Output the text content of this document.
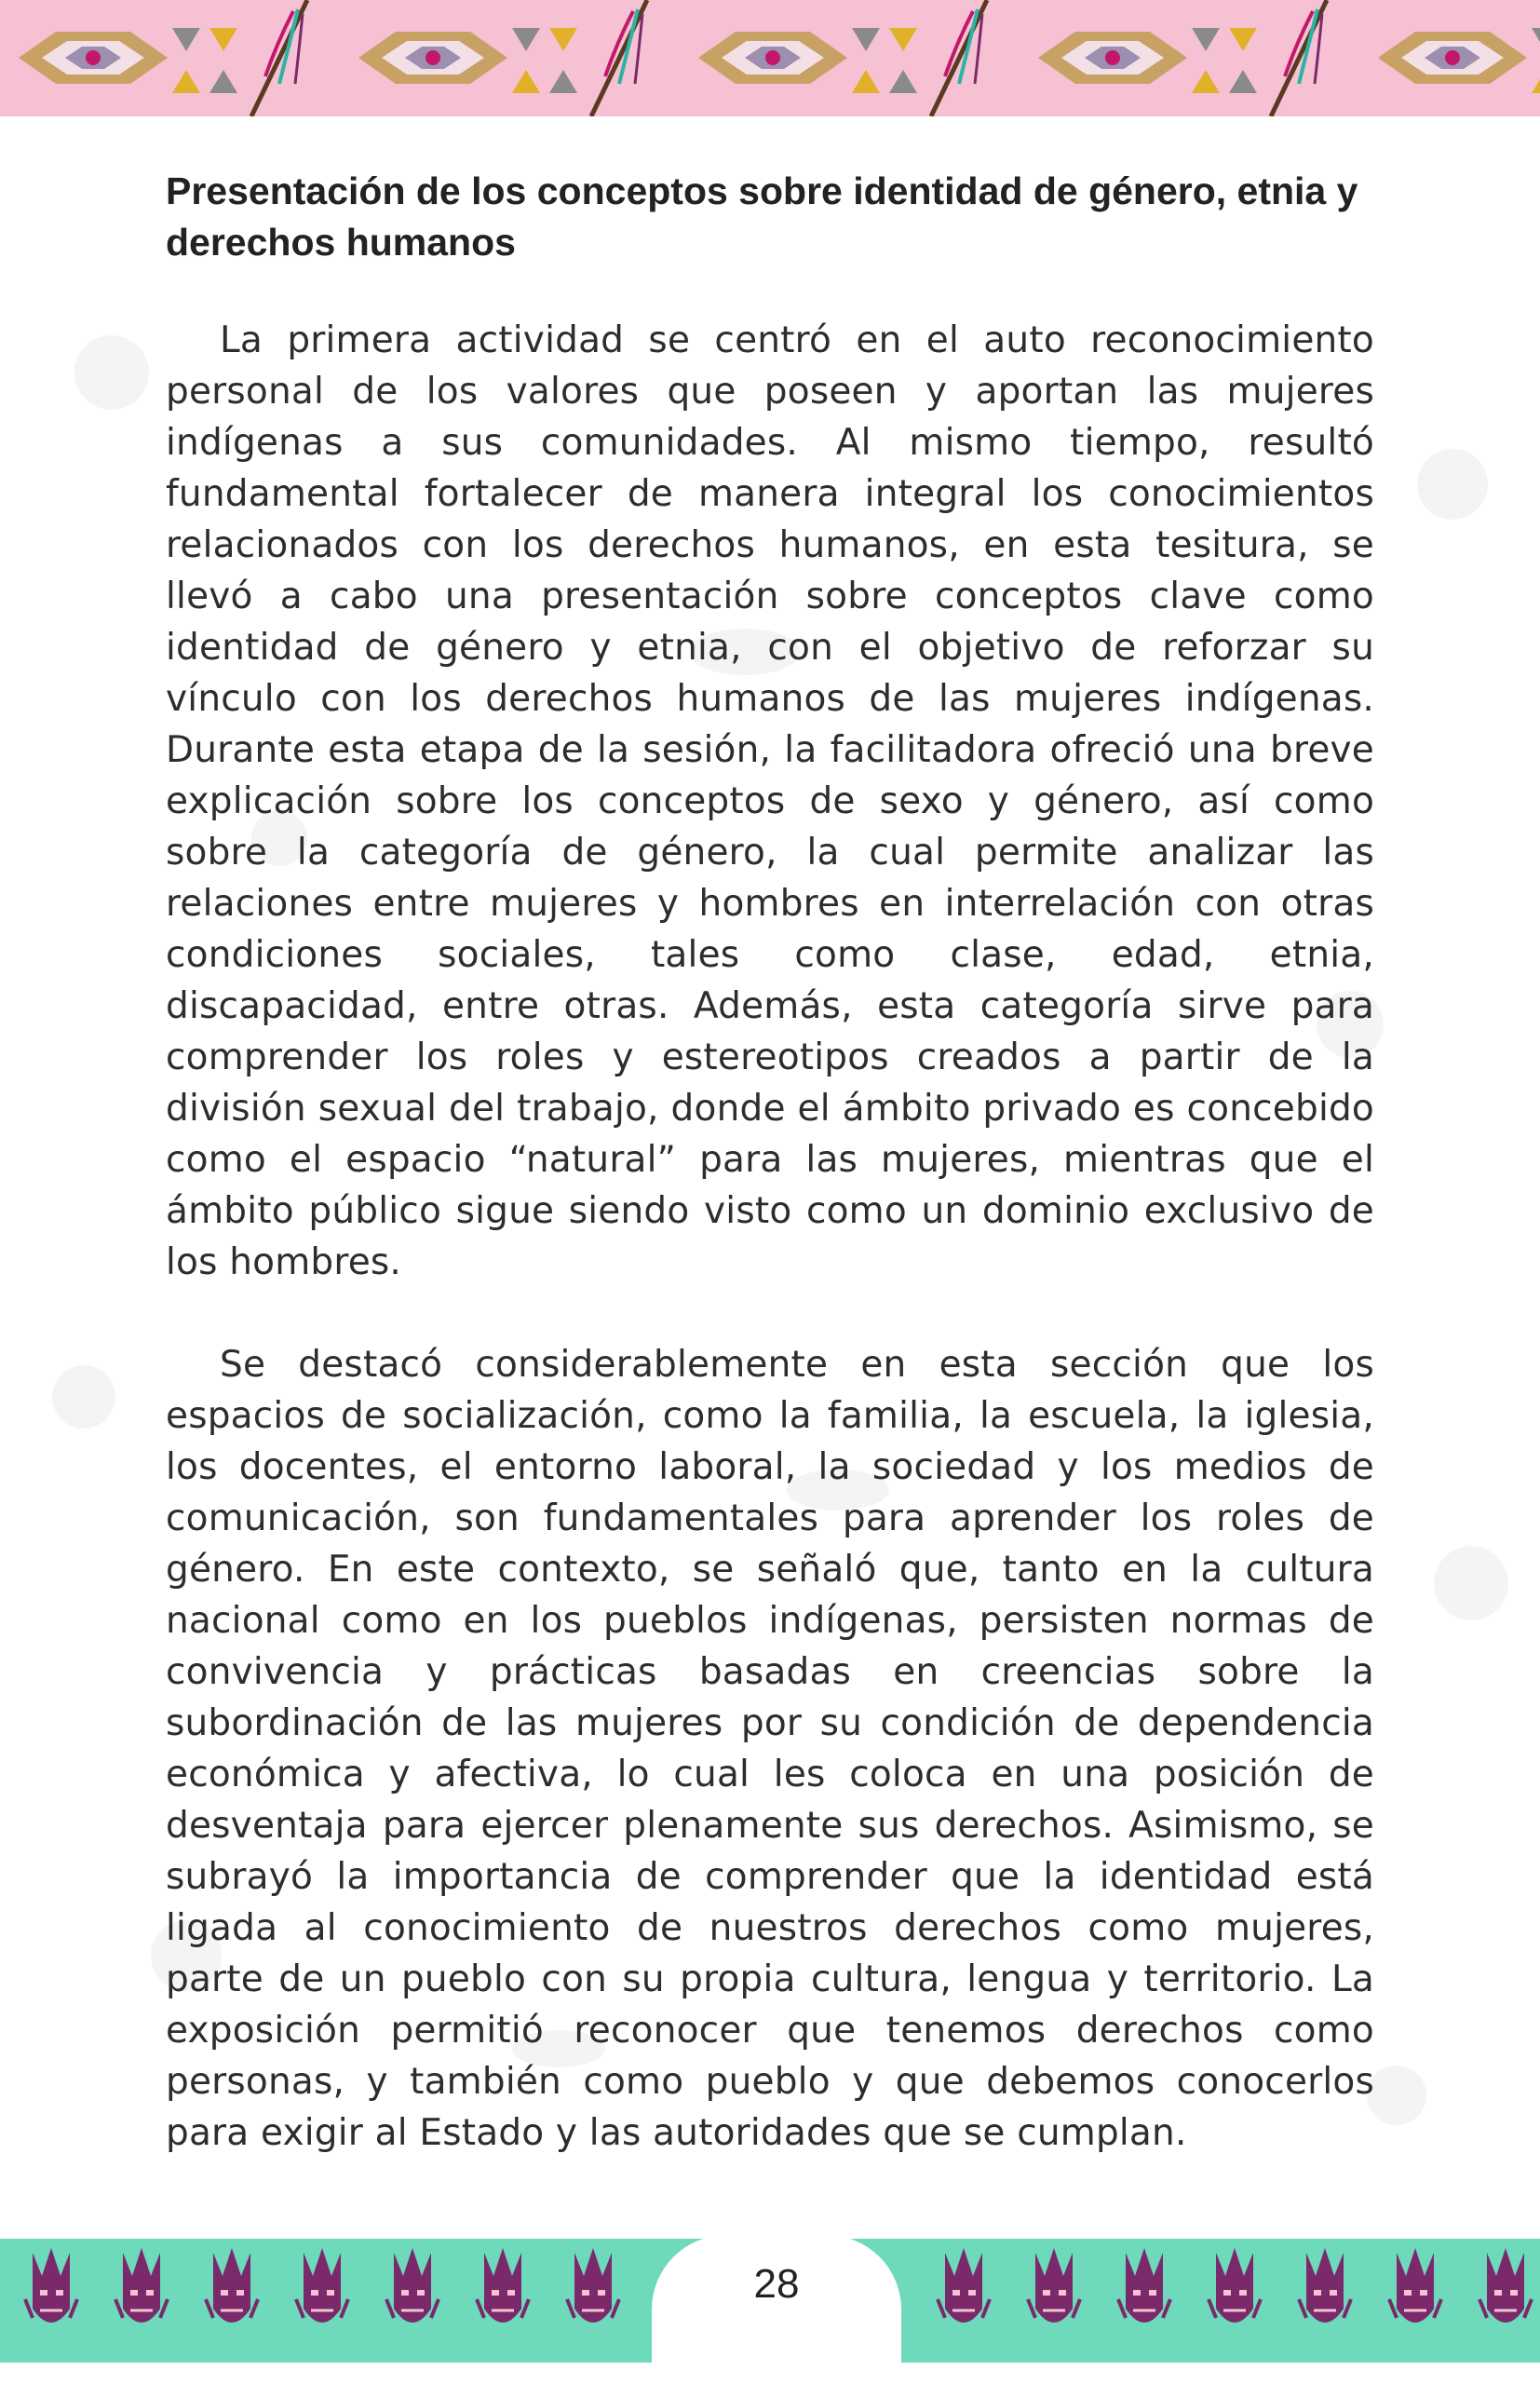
Presentación de los conceptos sobre identidad de género, etnia y derechos humanos

La primera actividad se centró en el auto reconocimiento personal de los valores que poseen y aportan las mujeres indígenas a sus comunidades. Al mismo tiempo, resultó fundamental fortalecer de manera integral los conocimientos relacionados con los derechos humanos, en esta tesitura, se llevó a cabo una presentación sobre conceptos clave como identidad de género y etnia, con el objetivo de reforzar su vínculo con los derechos humanos de las mujeres indígenas. Durante esta etapa de la sesión, la facilitadora ofreció una breve explicación sobre los conceptos de sexo y género, así como sobre la categoría de género, la cual permite analizar las relaciones entre mujeres y hombres en interrelación con otras condiciones sociales, tales como clase, edad, etnia, discapacidad, entre otras. Además, esta categoría sirve para comprender los roles y estereotipos creados a partir de la división sexual del trabajo, donde el ámbito privado es concebido como el espacio “natural” para las mujeres, mientras que el ámbito público sigue siendo visto como un dominio exclusivo de los hombres.

Se destacó considerablemente en esta sección que los espacios de socialización, como la familia, la escuela, la iglesia, los docentes, el entorno laboral, la sociedad y los medios de comunicación, son fundamentales para aprender los roles de género. En este contexto, se señaló que, tanto en la cultura nacional como en los pueblos indígenas, persisten normas de convivencia y prácticas basadas en creencias sobre la subordinación de las mujeres por su condición de dependencia económica y afectiva, lo cual les coloca en una posición de desventaja para ejercer plenamente sus derechos. Asimismo, se subrayó la importancia de comprender que la identidad está ligada al conocimiento de nuestros derechos como mujeres, parte de un pueblo con su propia cultura, lengua y territorio. La exposición permitió reconocer que tenemos derechos como personas, y también como pueblo y que debemos conocerlos para exigir al Estado y las autoridades que se cumplan.

28
